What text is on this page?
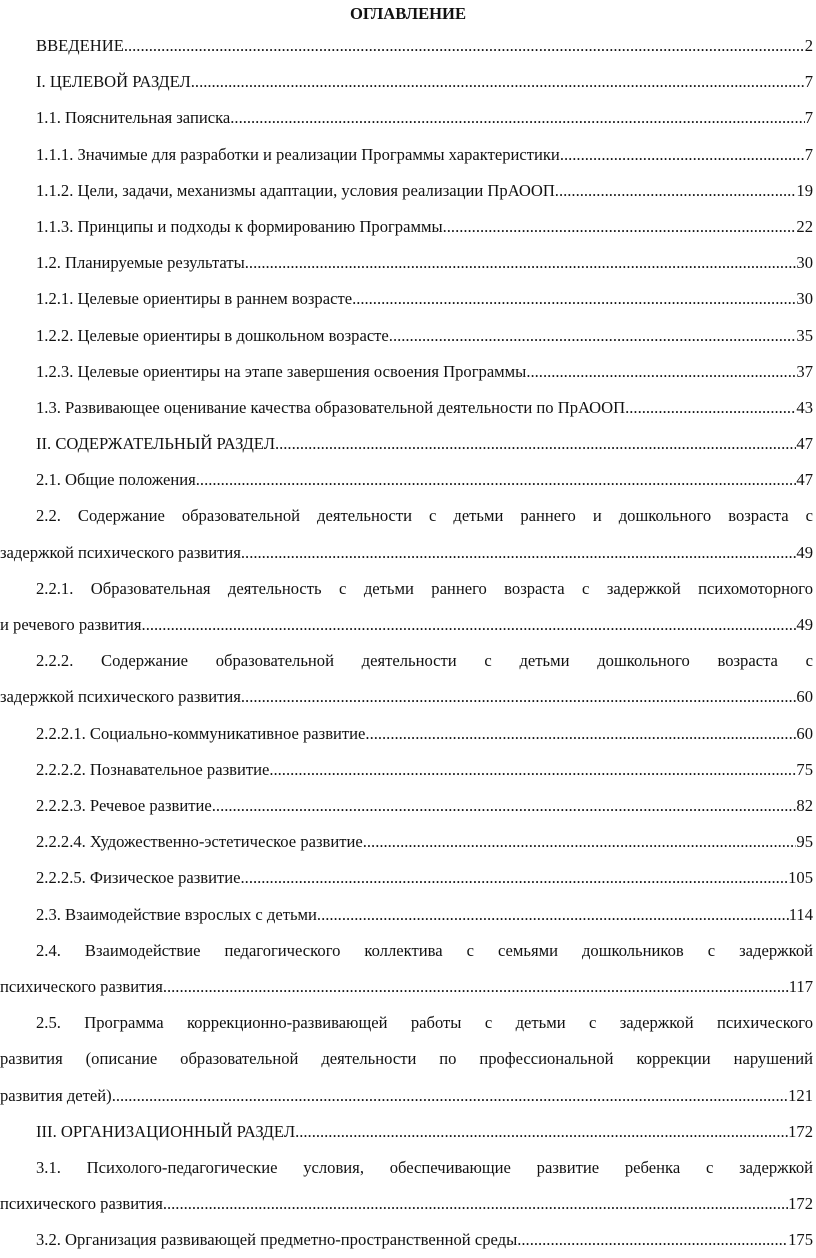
ОГЛАВЛЕНИЕ
ВВЕДЕНИЕ .....	2
I. ЦЕЛЕВОЙ РАЗДЕЛ .....	7
1.1. Пояснительная записка .....	7
1.1.1. Значимые для разработки и реализации Программы характеристики .....	7
1.1.2. Цели, задачи, механизмы адаптации, условия реализации ПрАООП. .....	19
1.1.3. Принципы и подходы к формированию Программы .....	22
1.2. Планируемые результаты .....	30
1.2.1. Целевые ориентиры в раннем возрасте .....	30
1.2.2. Целевые ориентиры в дошкольном возрасте .....	35
1.2.3. Целевые ориентиры на этапе завершения освоения Программы .....	37
1.3. Развивающее оценивание качества образовательной деятельности по ПрАООП .....	43
II. СОДЕРЖАТЕЛЬНЫЙ РАЗДЕЛ .....	47
2.1. Общие положения .....	47
2.2. Содержание образовательной деятельности с детьми раннего и дошкольного возраста с
задержкой психического развития .....	49
2.2.1. Образовательная деятельность с детьми раннего возраста с задержкой психомоторного
и речевого развития. .....	49
2.2.2. Содержание образовательной деятельности с детьми дошкольного возраста с
задержкой психического развития .....	60
2.2.2.1. Социально-коммуникативное развитие .....	60
2.2.2.2. Познавательное развитие .....	75
2.2.2.3. Речевое развитие .....	82
2.2.2.4. Художественно-эстетическое развитие .....	95
2.2.2.5. Физическое развитие .....	105
2.3. Взаимодействие взрослых с детьми. .....	114
2.4. Взаимодействие педагогического коллектива с семьями дошкольников с задержкой
психического развития .....	117
2.5. Программа коррекционно-развивающей работы с детьми с задержкой психического
развития (описание образовательной деятельности по профессиональной коррекции нарушений
развития детей) .....	121
III. ОРГАНИЗАЦИОННЫЙ РАЗДЕЛ .....	172
3.1. Психолого-педагогические условия, обеспечивающие развитие ребенка с задержкой
психического развития .....	172
3.2. Организация развивающей предметно-пространственной среды .....	175
